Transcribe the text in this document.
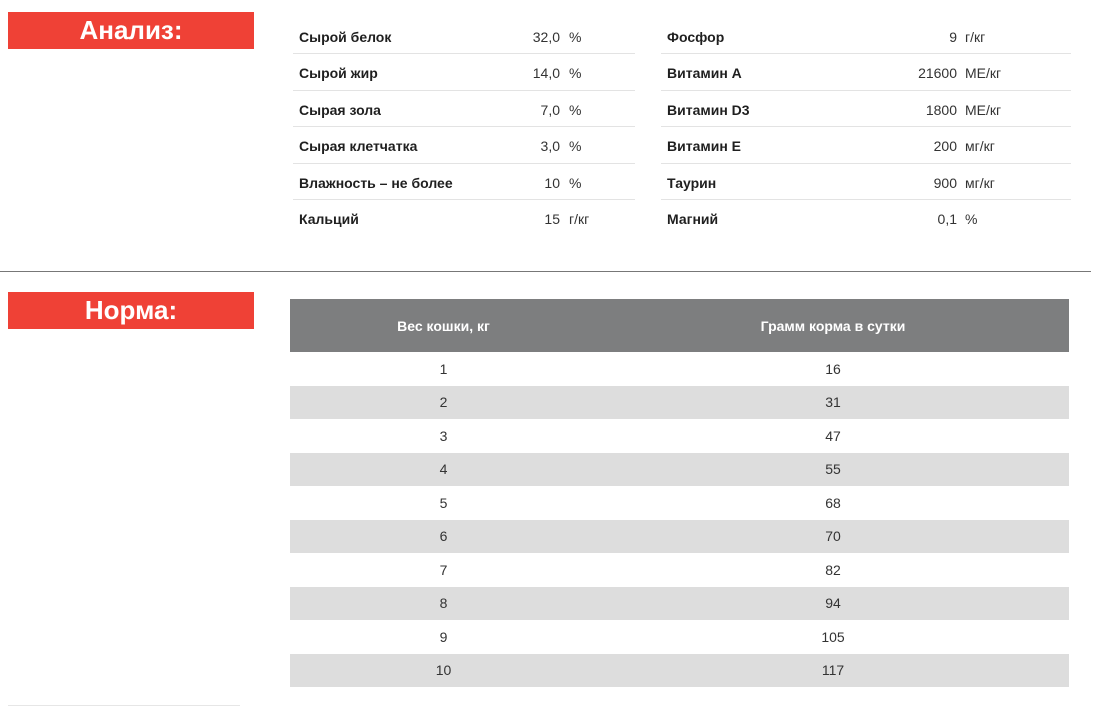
Анализ:	Сырой белок	32,0 %
Сырой жир	14,0 %
Сырая зола	7,0 %
Сырая клетчатка	3,0 %
Влажность – не более	10 %
Кальций	15 г/кг
Фосфор	9 г/кг
Витамин A	21600 МЕ/кг
Витамин D3	1800 МЕ/кг
Витамин E	200 мг/кг
Таурин	900 мг/кг
Магний	0,1 %
Норма:
Вес кошки, кг	Грамм корма в сутки
1	16
2	31
3	47
4	55
5	68
6	70
7	82
8	94
9	105
10	117
